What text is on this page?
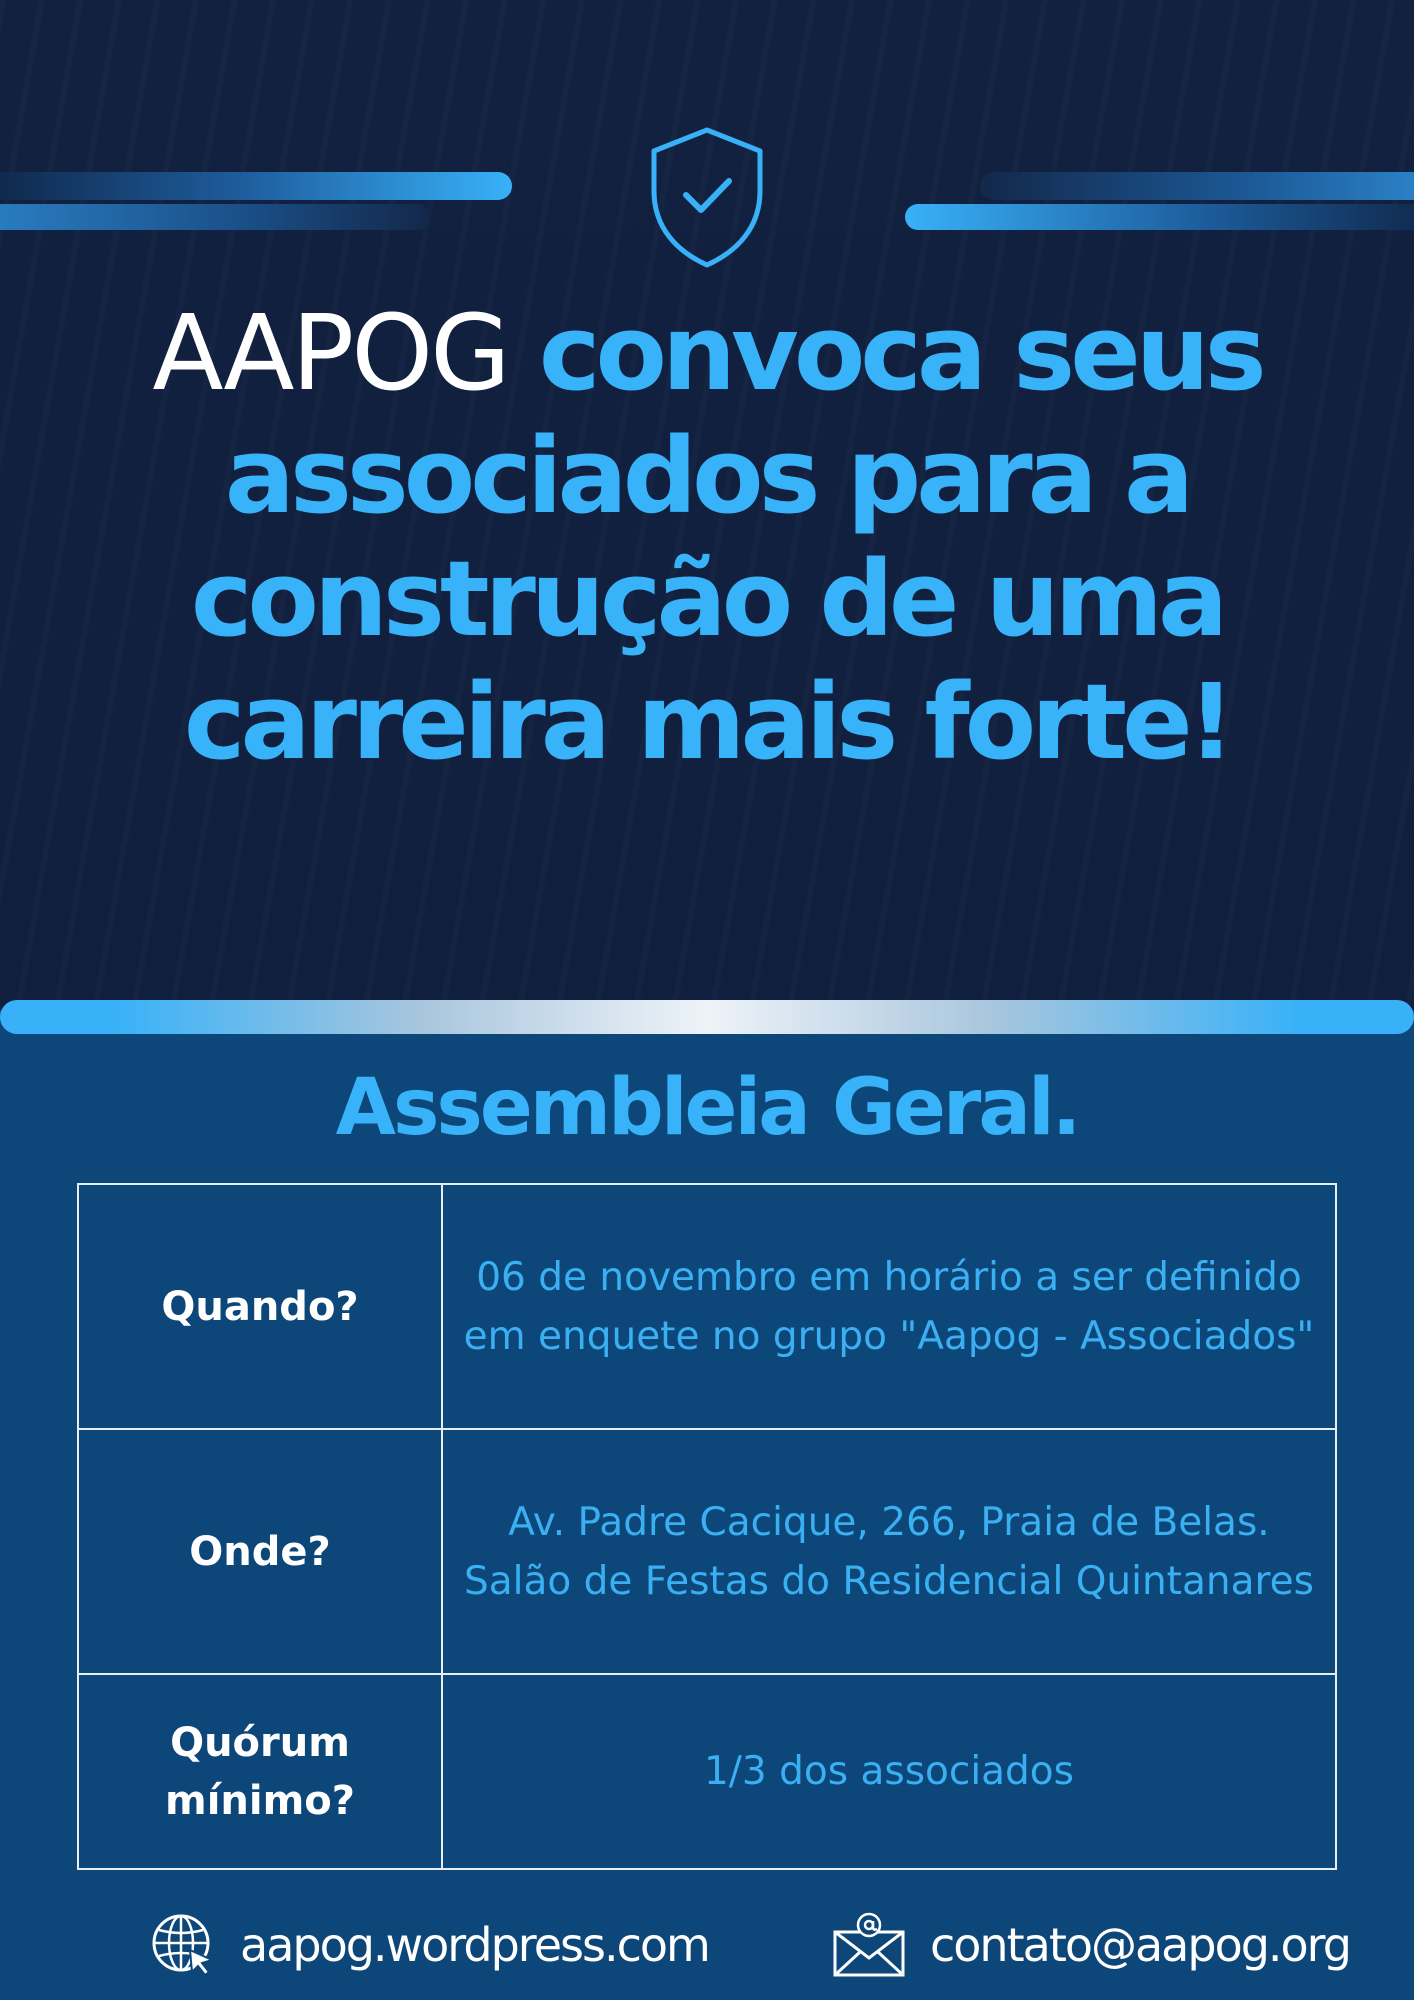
AAPOG convoca seus associados para a construção de uma carreira mais forte!
Assembleia Geral.
Quando?	06 de novembro em horário a ser definido em enquete no grupo "Aapog - Associados"
Onde?	Av. Padre Cacique, 266, Praia de Belas. Salão de Festas do Residencial Quintanares
Quórum mínimo?	1/3 dos associados
aapog.wordpress.com	contato@aapog.org
